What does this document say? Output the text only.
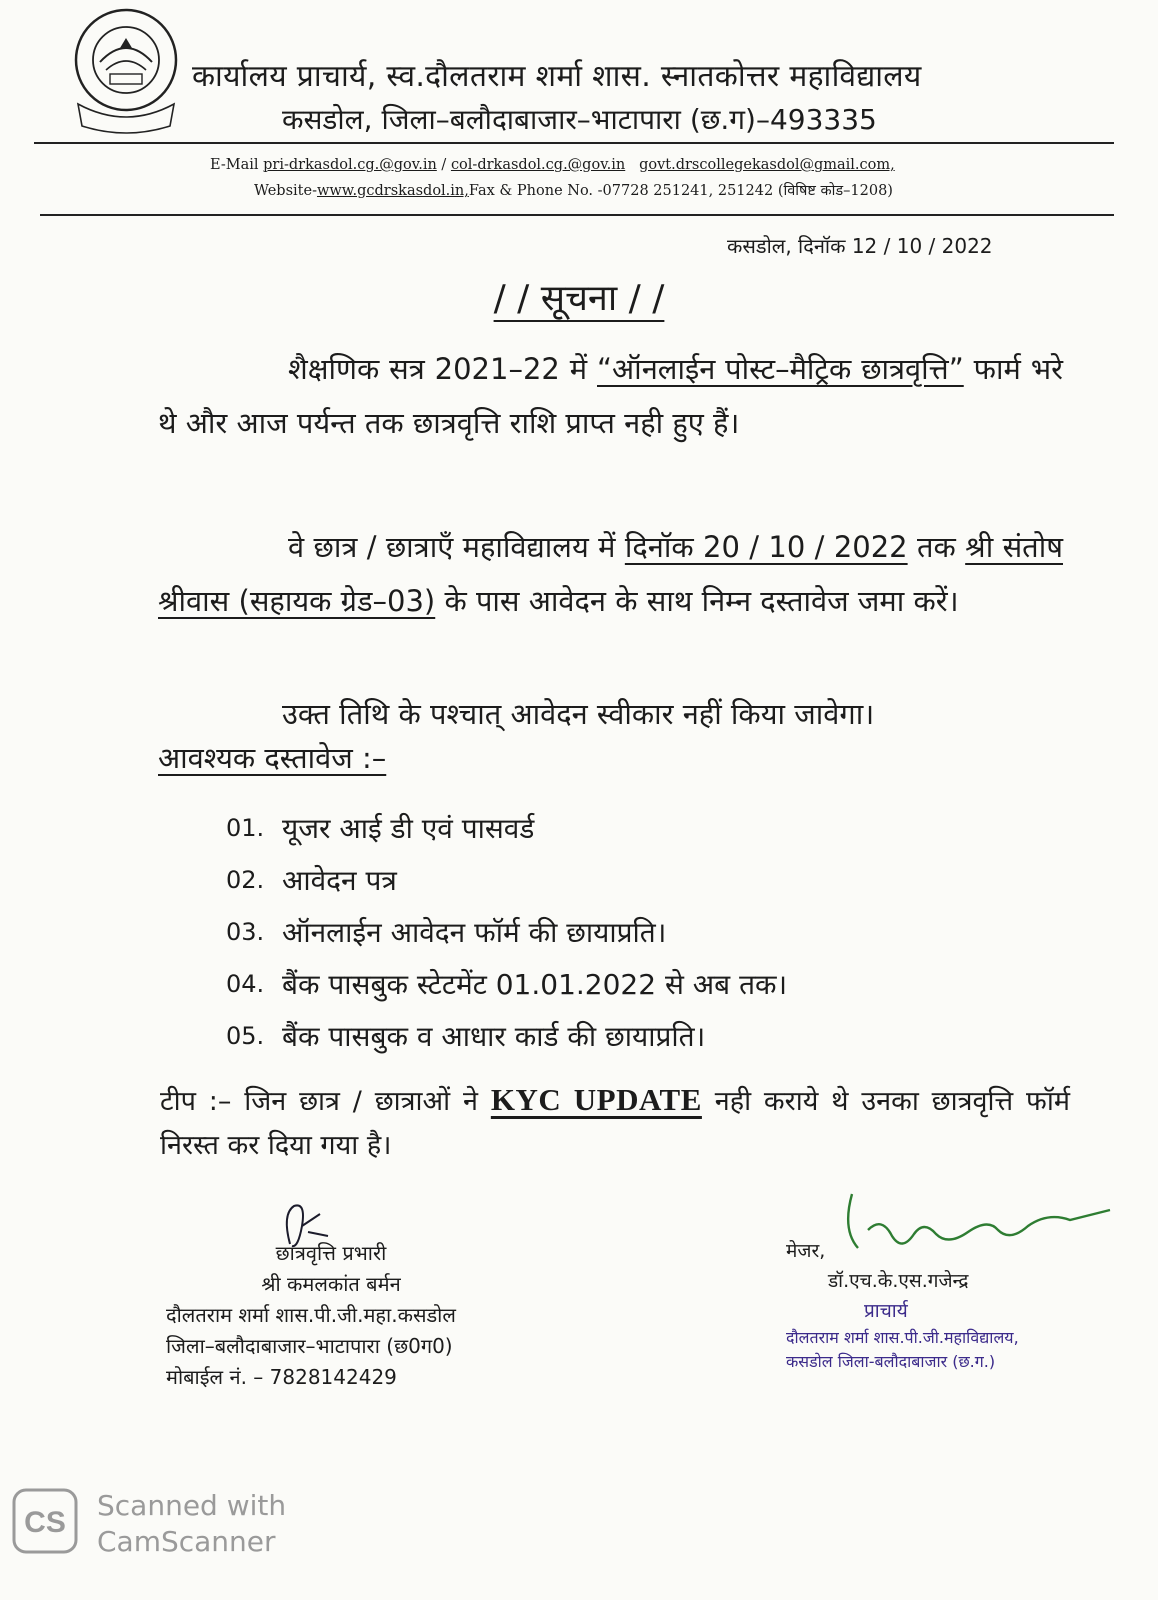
कार्यालय प्राचार्य, स्व.दौलतराम शर्मा शास. स्नातकोत्तर महाविद्यालय
कसडोल, जिला–बलौदाबाजार–भाटापारा (छ.ग)–493335
E-Mail pri-drkasdol.cg.@gov.in / col-drkasdol.cg.@gov.in govt.drscollegekasdol@gmail.com,
Website-www.gcdrskasdol.in,Fax & Phone No. -07728 251241, 251242 (विषिष्ट कोड–1208)
कसडोल, दिनॉक 12 / 10 / 2022
/ / सूचना / /
शैक्षणिक सत्र 2021–22 में “ऑनलाईन पोस्ट–मैट्रिक छात्रवृत्ति” फार्म भरे थे और आज पर्यन्त तक छात्रवृत्ति राशि प्राप्त नही हुए हैं।
वे छात्र / छात्राएँ महाविद्यालय में दिनॉक 20 / 10 / 2022 तक श्री संतोष श्रीवास (सहायक ग्रेड–03) के पास आवेदन के साथ निम्न दस्तावेज जमा करें।
उक्त तिथि के पश्चात् आवेदन स्वीकार नहीं किया जावेगा।
आवश्यक दस्तावेज :–
01. यूजर आई डी एवं पासवर्ड
02. आवेदन पत्र
03. ऑनलाईन आवेदन फॉर्म की छायाप्रति।
04. बैंक पासबुक स्टेटमेंट 01.01.2022 से अब तक।
05. बैंक पासबुक व आधार कार्ड की छायाप्रति।
टीप :– जिन छात्र / छात्राओं ने KYC UPDATE नही कराये थे उनका छात्रवृत्ति फॉर्म निरस्त कर दिया गया है।
छात्रवृत्ति प्रभारी
श्री कमलकांत बर्मन
दौलतराम शर्मा शास.पी.जी.महा.कसडोल
जिला–बलौदाबाजार–भाटापारा (छ0ग0)
मोबाईल नं. – 7828142429
मेजर,
डॉ.एच.के.एस.गजेन्द्र
प्राचार्य
दौलतराम शर्मा शास.पी.जी.महाविद्यालय,
कसडोल जिला-बलौदाबाजार (छ.ग.)
CS
Scanned with
CamScanner
